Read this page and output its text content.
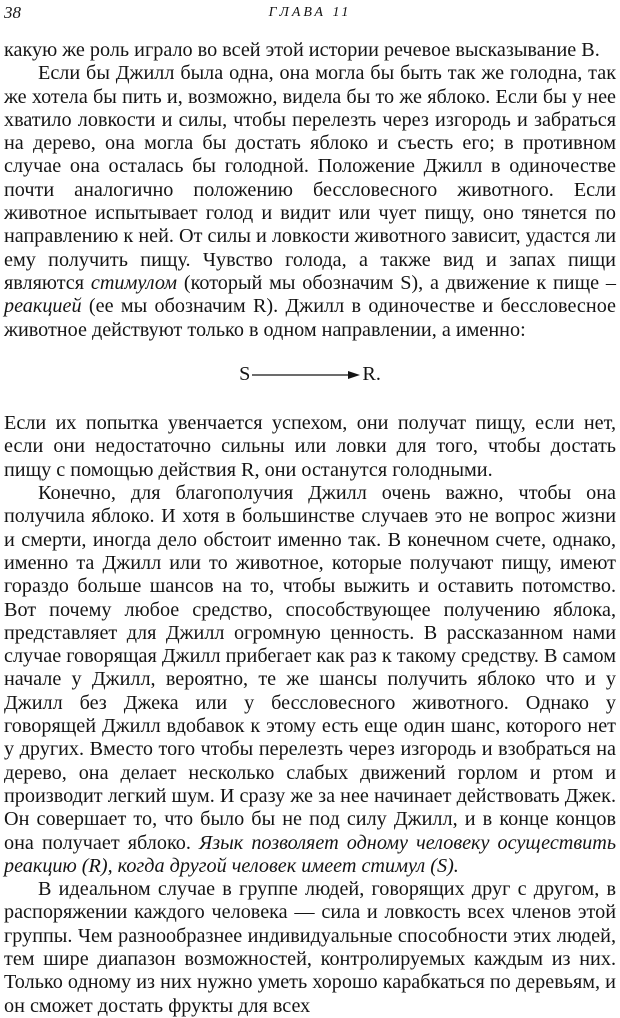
38	ГЛАВА 11

какую же роль играло во всей этой истории речевое высказывание В.

Если бы Джилл была одна, она могла бы быть так же голодна, так же хотела бы пить и, возможно, видела бы то же яблоко. Если бы у нее хватило ловкости и силы, чтобы перелезть через изгородь и забраться на дерево, она могла бы достать яблоко и съесть его; в противном случае она осталась бы голодной. Положение Джилл в одиночестве почти аналогично положению бессловесного животного. Если животное испытывает голод и видит или чует пищу, оно тянется по направлению к ней. От силы и ловкости животного зависит, удастся ли ему получить пищу. Чувство голода, а также вид и запах пищи являются стимулом (который мы обозначим S), а движение к пище – реакцией (ее мы обозначим R). Джилл в одиночестве и бессловесное животное действуют только в одном направлении, а именно:

S	R.

Если их попытка увенчается успехом, они получат пищу, если нет, если они недостаточно сильны или ловки для того, чтобы достать пищу с помощью действия R, они останутся голодными.

Конечно, для благополучия Джилл очень важно, чтобы она получила яблоко. И хотя в большинстве случаев это не вопрос жизни и смерти, иногда дело обстоит именно так. В конечном счете, однако, именно та Джилл или то животное, которые получают пищу, имеют гораздо больше шансов на то, чтобы выжить и оставить потомство. Вот почему любое средство, способствующее получению яблока, представляет для Джилл огромную ценность. В рассказанном нами случае говорящая Джилл прибегает как раз к такому средству. В самом начале у Джилл, вероятно, те же шансы получить яблоко что и у Джилл без Джека или у бессловесного животного. Однако у говорящей Джилл вдобавок к этому есть еще один шанс, которого нет у других. Вместо того чтобы перелезть через изгородь и взобраться на дерево, она делает несколько слабых движений горлом и ртом и производит легкий шум. И сразу же за нее начинает действовать Джек. Он совершает то, что было бы не под силу Джилл, и в конце концов она получает яблоко. Язык позволяет одному человеку осуществить реакцию (R), когда другой человек имеет стимул (S).

В идеальном случае в группе людей, говорящих друг с другом, в распоряжении каждого человека — сила и ловкость всех членов этой группы. Чем разнообразнее индивидуальные способности этих людей, тем шире диапазон возможностей, контролируемых каждым из них. Только одному из них нужно уметь хорошо карабкаться по деревьям, и он сможет достать фрукты для всех
